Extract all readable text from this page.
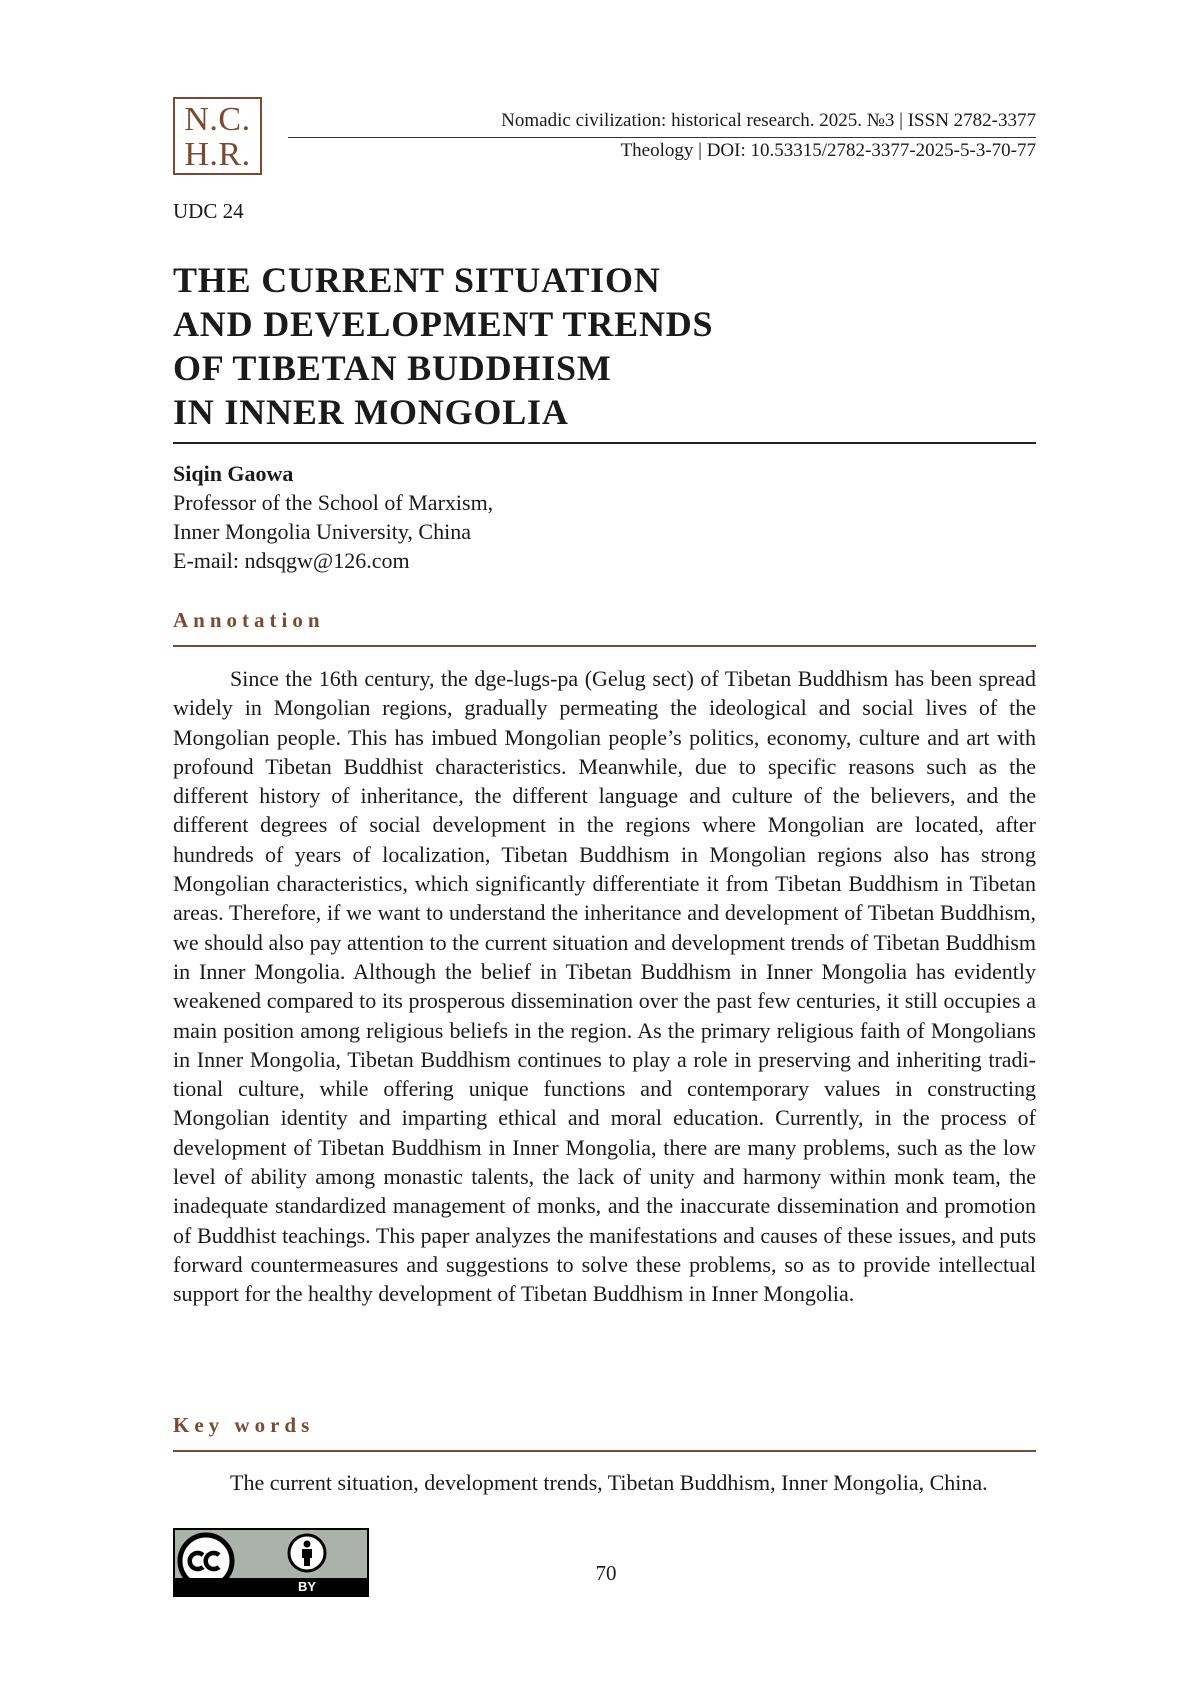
N.C.
H.R.
Nomadic civilization: historical research. 2025. №3 | ISSN 2782-3377
Theology | DOI: 10.53315/2782-3377-2025-5-3-70-77
UDC 24
THE CURRENT SITUATION
AND DEVELOPMENT TRENDS
OF TIBETAN BUDDHISM
IN INNER MONGOLIA
Siqin Gaowa
Professor of the School of Marxism,
Inner Mongolia University, China
E-mail: ndsqgw@126.com
Annotation

Since the 16th century, the dge-lugs-pa (Gelug sect) of Tibetan Buddhism has been spread widely in Mongolian regions, gradually permeating the ideological and social lives of the Mongolian people. This has imbued Mongolian people’s politics, economy, culture and art with profound Tibetan Buddhist characteristics. Meanwhile, due to specific reasons such as the different history of inheritance, the different language and culture of the believers, and the different degrees of social development in the regions where Mongolian are located, after hundreds of years of localization, Tibetan Buddhism in Mongolian regions also has strong Mongolian characteristics, which significantly differentiate it from Tibetan Buddhism in Tibetan areas. Therefore, if we want to understand the inheritance and development of Tibetan Buddhism, we should also pay attention to the current situation and development trends of Tibetan Buddhism in Inner Mongolia. Although the belief in Tibetan Buddhism in Inner Mongolia has evidently weakened compared to its prosperous dissemination over the past few centuries, it still occupies a main position among religious beliefs in the region. As the primary religious faith of Mongolians in Inner Mongolia, Tibetan Buddhism continues to play a role in preserving and inheriting traditional culture, while offering unique functions and contemporary values in constructing Mongolian identity and imparting ethical and moral education. Currently, in the process of development of Tibetan Buddhism in Inner Mongolia, there are many problems, such as the low level of ability among monastic talents, the lack of unity and harmony within monk team, the inadequate standardized management of monks, and the inaccurate dissemination and promotion of Buddhist teachings. This paper analyzes the manifestations and causes of these issues, and puts forward countermeasures and suggestions to solve these problems, so as to provide intellectual support for the healthy development of Tibetan Buddhism in Inner Mongolia.

Key words

The current situation, development trends, Tibetan Buddhism, Inner Mongolia, China.

BY
70
